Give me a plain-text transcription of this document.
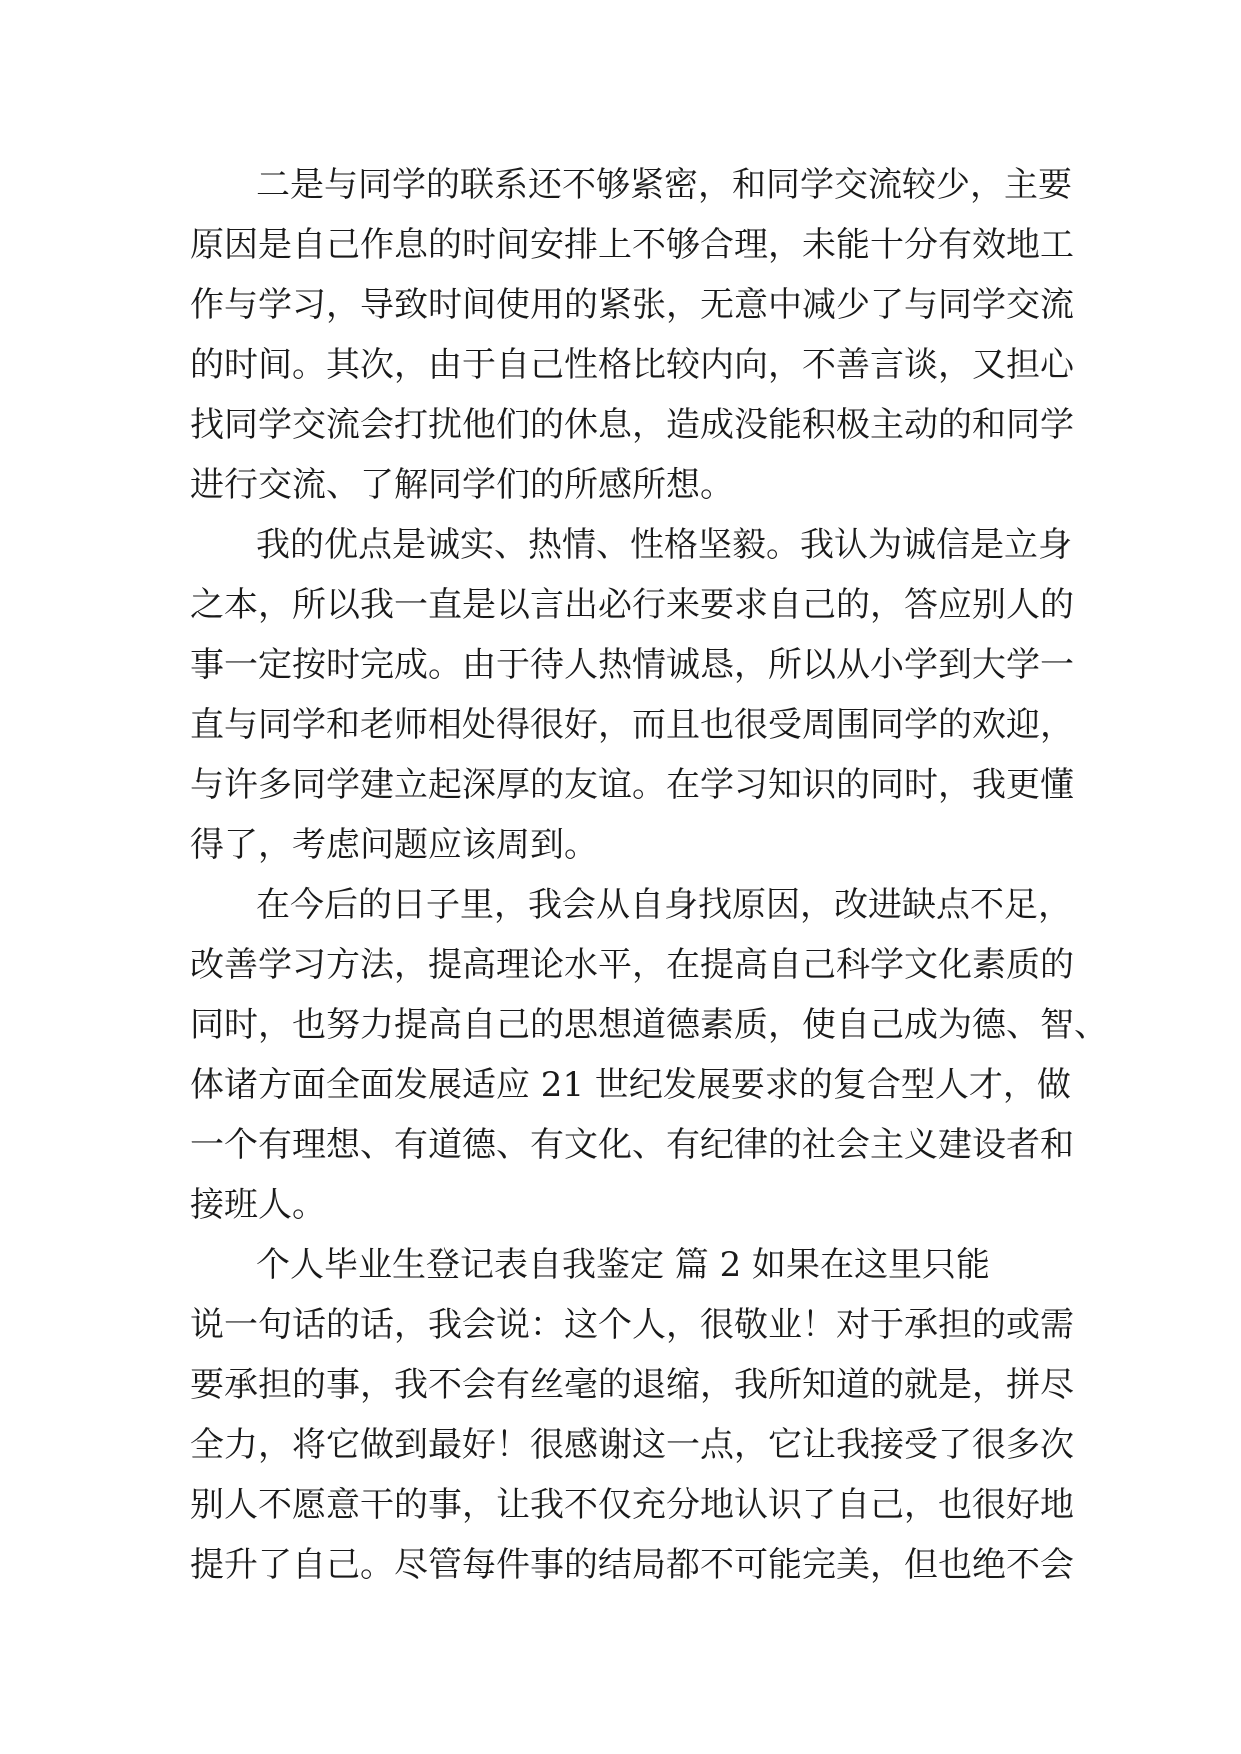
二是与同学的联系还不够紧密，和同学交流较少，主要
原因是自己作息的时间安排上不够合理，未能十分有效地工
作与学习，导致时间使用的紧张，无意中减少了与同学交流
的时间。其次，由于自己性格比较内向，不善言谈，又担心
找同学交流会打扰他们的休息，造成没能积极主动的和同学
进行交流、了解同学们的所感所想。
我的优点是诚实、热情、性格坚毅。我认为诚信是立身
之本，所以我一直是以言出必行来要求自己的，答应别人的
事一定按时完成。由于待人热情诚恳，所以从小学到大学一
直与同学和老师相处得很好，而且也很受周围同学的欢迎，
与许多同学建立起深厚的友谊。在学习知识的同时，我更懂
得了，考虑问题应该周到。
在今后的日子里，我会从自身找原因，改进缺点不足，
改善学习方法，提高理论水平，在提高自己科学文化素质的
同时，也努力提高自己的思想道德素质，使自己成为德、智、
体诸方面全面发展适应 21 世纪发展要求的复合型人才，做
一个有理想、有道德、有文化、有纪律的社会主义建设者和
接班人。
个人毕业生登记表自我鉴定 篇 2 如果在这里只能
说一句话的话，我会说：这个人，很敬业！对于承担的或需
要承担的事，我不会有丝毫的退缩，我所知道的就是，拼尽
全力，将它做到最好！很感谢这一点，它让我接受了很多次
别人不愿意干的事，让我不仅充分地认识了自己，也很好地
提升了自己。尽管每件事的结局都不可能完美，但也绝不会
